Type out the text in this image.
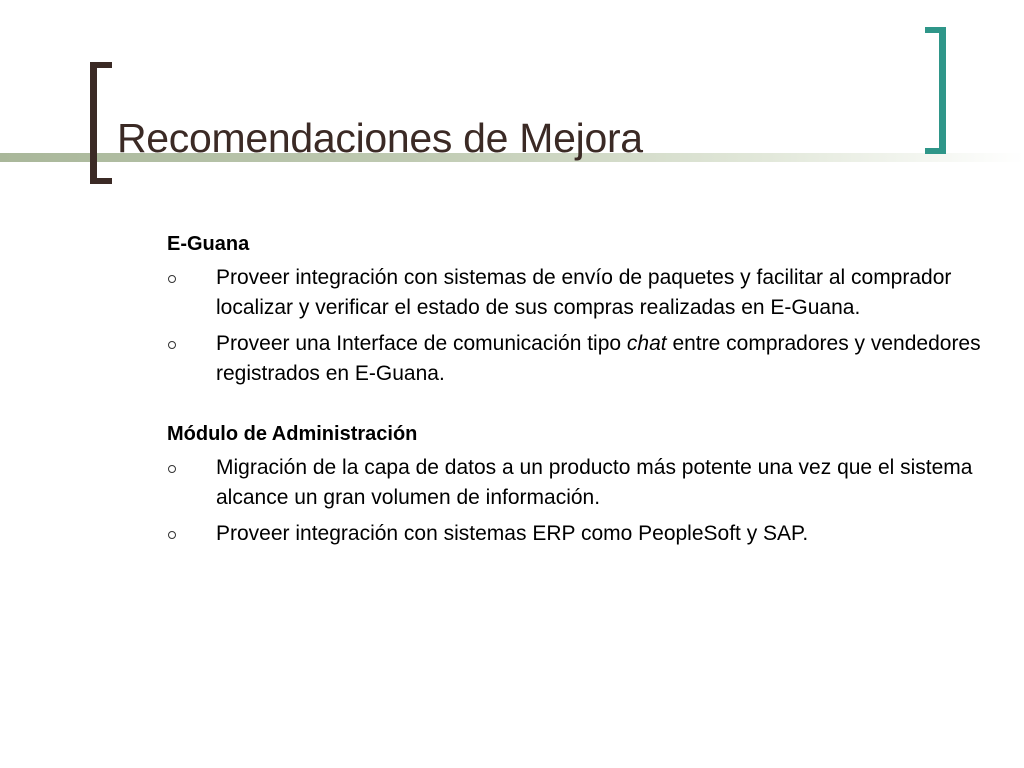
Recomendaciones de Mejora

E-Guana

Proveer integración con sistemas de envío de paquetes y facilitar al comprador localizar y verificar el estado de sus compras realizadas en E-Guana.
Proveer una Interface de comunicación tipo chat entre compradores y vendedores registrados en E-Guana.

Módulo de Administración

Migración de la capa de datos a un producto más potente una vez que el sistema alcance un gran volumen de información.
Proveer integración con sistemas ERP como PeopleSoft y SAP.
